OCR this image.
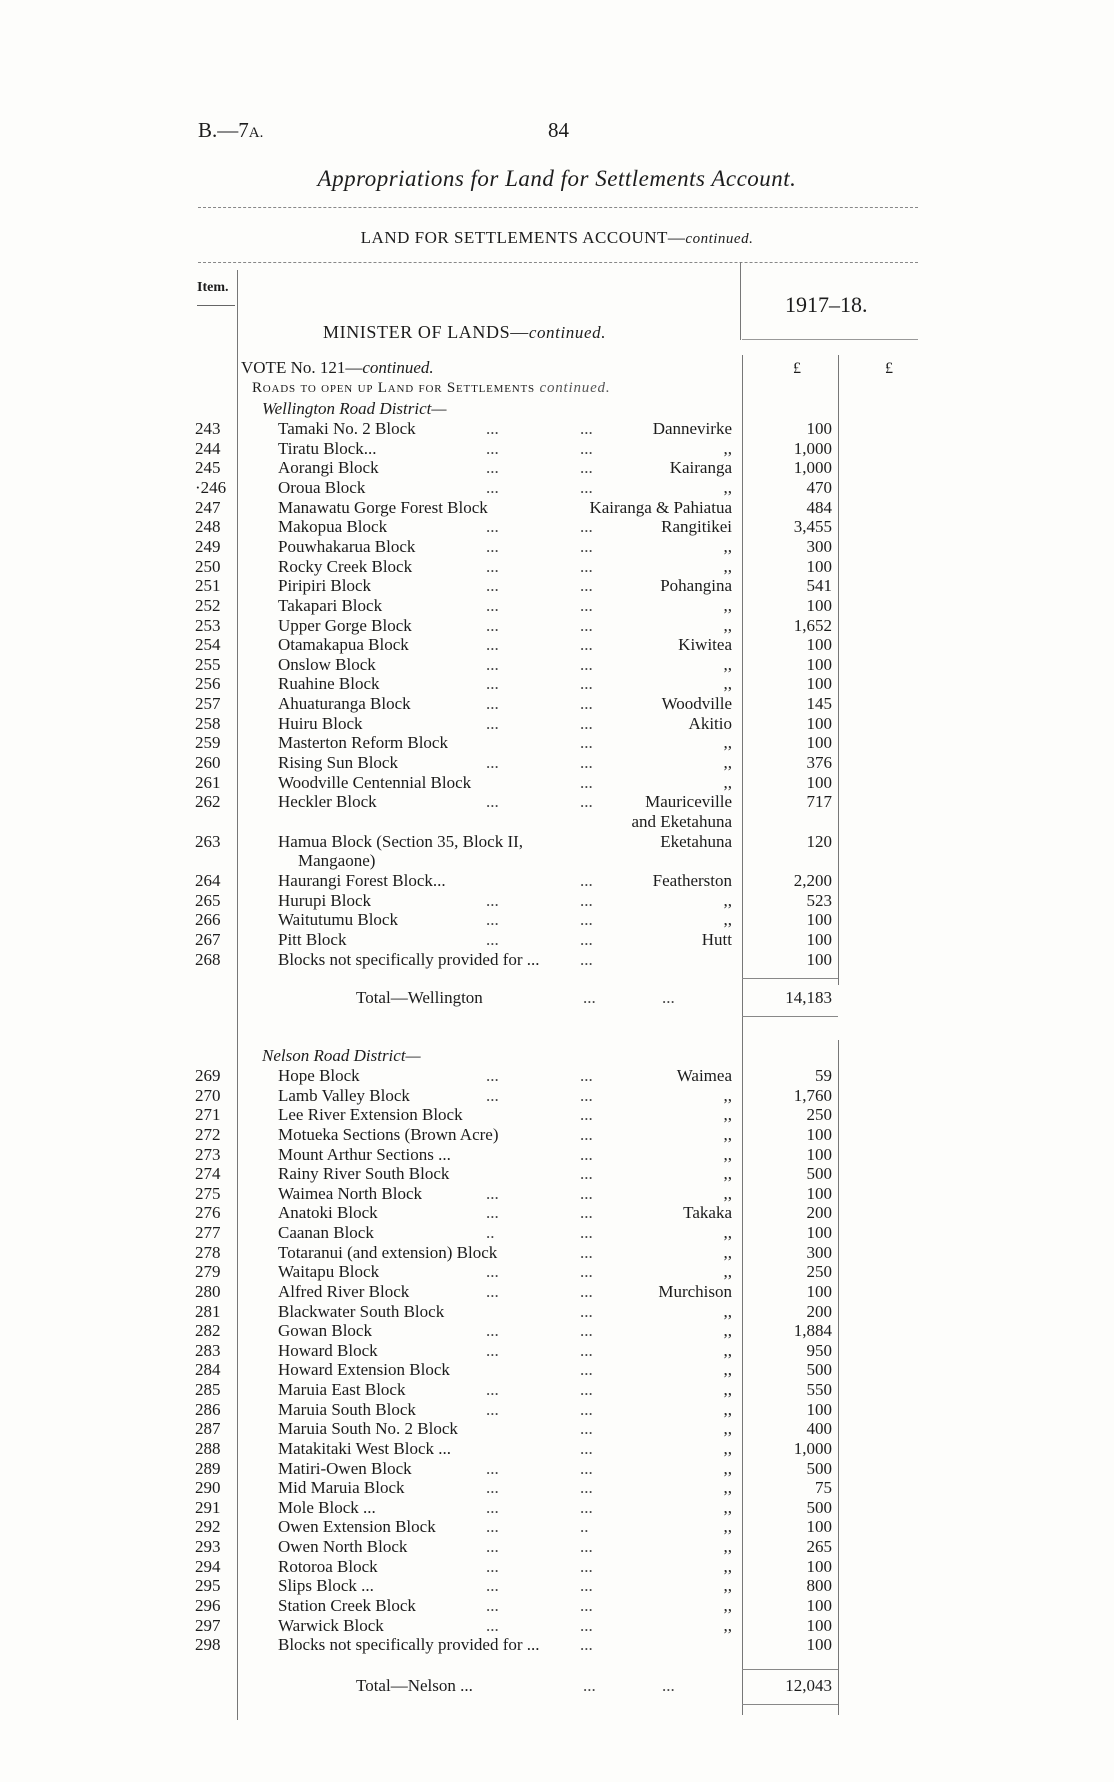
B.—7A.	84
Appropriations for Land for Settlements Account.
LAND FOR SETTLEMENTS ACCOUNT—continued.
Item.
MINISTER OF LANDS—continued.
1917–18.
£	£
VOTE No. 121—continued.
Roads to open up Land for Settlements continued.
Wellington Road District—
243	Tamaki No. 2 Block	...	...	Dannevirke	100
244	Tiratu Block...	...	...	,,	1,000
245	Aorangi Block	...	...	Kairanga	1,000
·246	Oroua Block	...	...	,,	470
247	Manawatu Gorge Forest Block	Kairanga & Pahiatua	484
248	Makopua Block	...	...	Rangitikei	3,455
249	Pouwhakarua Block	...	...	,,	300
250	Rocky Creek Block	...	...	,,	100
251	Piripiri Block	...	...	Pohangina	541
252	Takapari Block	...	...	,,	100
253	Upper Gorge Block	...	...	,,	1,652
254	Otamakapua Block	...	...	Kiwitea	100
255	Onslow Block	...	...	,,	100
256	Ruahine Block	...	...	,,	100
257	Ahuaturanga Block	...	...	Woodville	145
258	Huiru Block	...	...	Akitio	100
259	Masterton Reform Block	...	,,	100
260	Rising Sun Block	...	...	,,	376
261	Woodville Centennial Block	...	,,	100
262	Heckler Block	...	...	Mauriceville	717
and Eketahuna
263	Hamua Block (Section 35, Block II,	Eketahuna	120
Mangaone)
264	Haurangi Forest Block...	...	Featherston	2,200
265	Hurupi Block	...	...	,,	523
266	Waitutumu Block	...	...	,,	100
267	Pitt Block	...	...	Hutt	100
268	Blocks not specifically provided for ... ...	100
Total—Wellington	...	...	14,183
Nelson Road District—
269	Hope Block	...	...	Waimea	59
270	Lamb Valley Block	...	...	,,	1,760
271	Lee River Extension Block	...	,,	250
272	Motueka Sections (Brown Acre)	...	,,	100
273	Mount Arthur Sections ...	...	,,	100
274	Rainy River South Block	...	,,	500
275	Waimea North Block	...	...	,,	100
276	Anatoki Block	...	...	Takaka	200
277	Caanan Block	..	...	,,	100
278	Totaranui (and extension) Block	...	,,	300
279	Waitapu Block	...	...	,,	250
280	Alfred River Block	...	...	Murchison	100
281	Blackwater South Block	...	,,	200
282	Gowan Block	...	...	,,	1,884
283	Howard Block	...	...	,,	950
284	Howard Extension Block	...	,,	500
285	Maruia East Block	...	...	,,	550
286	Maruia South Block	...	...	,,	100
287	Maruia South No. 2 Block	...	,,	400
288	Matakitaki West Block ...	...	,,	1,000
289	Matiri-Owen Block	...	...	,,	500
290	Mid Maruia Block	...	...	,,	75
291	Mole Block ...	...	...	,,	500
292	Owen Extension Block	...	..	,,	100
293	Owen North Block	...	...	,,	265
294	Rotoroa Block	...	...	,,	100
295	Slips Block ...	...	...	,,	800
296	Station Creek Block	...	...	,,	100
297	Warwick Block	...	...	,,	100
298	Blocks not specifically provided for ... ...	100
Total—Nelson ...	...	...	12,043
